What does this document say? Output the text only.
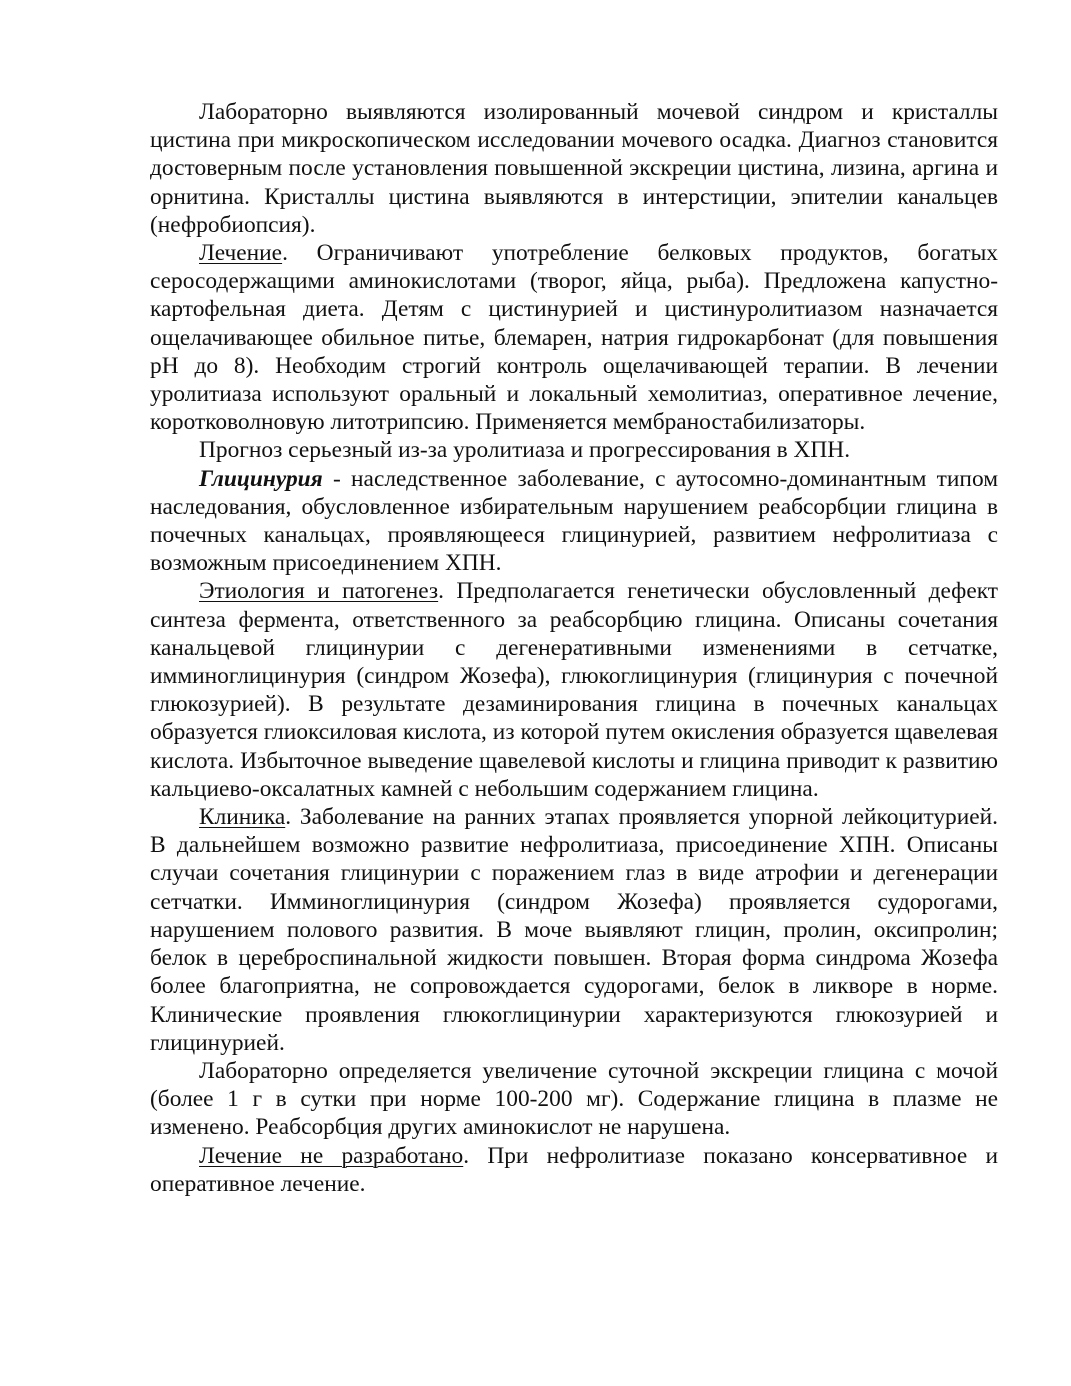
Лабораторно выявляются изолированный мочевой синдром и кристаллы цистина при микроскопическом исследовании мочевого осадка. Диагноз становится достоверным после установления повышенной экскреции цистина, лизина, аргина и орнитина. Кристаллы цистина выявляются в интерстиции, эпителии канальцев (нефробиопсия).

Лечение. Ограничивают употребление белковых продуктов, богатых серосодержащими аминокислотами (творог, яйца, рыба). Предложена капустно-картофельная диета. Детям с цистинурией и цистинуролитиазом назначается ощелачивающее обильное питье, блемарен, натрия гидрокарбонат (для повышения рН до 8). Необходим строгий контроль ощелачивающей терапии. В лечении уролитиаза используют оральный и локальный хемолитиаз, оперативное лечение, коротковолновую литотрипсию. Применяется мембраностабилизаторы.

Прогноз серьезный из-за уролитиаза и прогрессирования в ХПН.

Глицинурия - наследственное заболевание, с аутосомно-доминантным типом наследования, обусловленное избирательным нарушением реабсорбции глицина в почечных канальцах, проявляющееся глицинурией, развитием нефролитиаза с возможным присоединением ХПН.

Этиология и патогенез. Предполагается генетически обусловленный дефект синтеза фермента, ответственного за реабсорбцию глицина. Описаны сочетания канальцевой глицинурии с дегенеративными изменениями в сетчатке, имминоглицинурия (синдром Жозефа), глюкоглицинурия (глицинурия с почечной глюкозурией). В результате дезаминирования глицина в почечных канальцах образуется глиоксиловая кислота, из которой путем окисления образуется щавелевая кислота. Избыточное выведение щавелевой кислоты и глицина приводит к развитию кальциево-оксалатных камней с небольшим содержанием глицина.

Клиника. Заболевание на ранних этапах проявляется упорной лейкоцитурией. В дальнейшем возможно развитие нефролитиаза, присоединение ХПН. Описаны случаи сочетания глицинурии с поражением глаз в виде атрофии и дегенерации сетчатки. Имминоглицинурия (синдром Жозефа) проявляется судорогами, нарушением полового развития. В моче выявляют глицин, пролин, оксипролин; белок в цереброспинальной жидкости повышен. Вторая форма синдрома Жозефа более благоприятна, не сопровождается судорогами, белок в ликворе в норме. Клинические проявления глюкоглицинурии характеризуются глюкозурией и глицинурией.

Лабораторно определяется увеличение суточной экскреции глицина с мочой (более 1 г в сутки при норме 100-200 мг). Содержание глицина в плазме не изменено. Реабсорбция других аминокислот не нарушена.

Лечение не разработано. При нефролитиазе показано консервативное и оперативное лечение.
